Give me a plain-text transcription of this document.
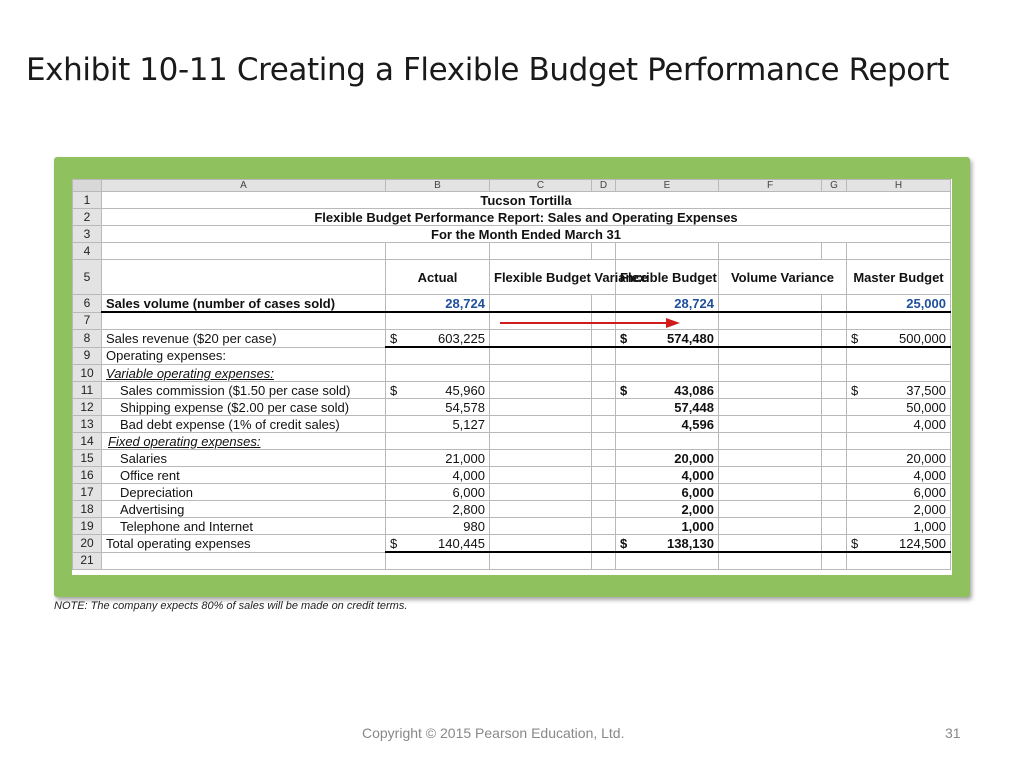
Exhibit 10-11 Creating a Flexible Budget Performance Report
	A	B	C	D	E	F	G	H
1	Tucson Tortilla							
2	Flexible Budget Performance Report: Sales and Operating Expenses							
3	For the Month Ended March 31							
4								
5		Actual	Flexible Budget Variance		Flexible Budget	Volume Variance		Master Budget
6	Sales volume (number of cases sold)	28,724			28,724			25,000
7								
8	Sales revenue ($20 per case)	$ 603,225			$ 574,480			$ 500,000

9	Operating expenses:							
10	Variable operating expenses:							
11	Sales commission ($1.50 per case sold)	$ 45,960			$ 43,086			$ 37,500

12	Shipping expense ($2.00 per case sold)	54,578			57,448			50,000
13	Bad debt expense (1% of credit sales)	5,127			4,596			4,000
14	Fixed operating expenses:							
15	Salaries	21,000			20,000			20,000
16	Office rent	4,000			4,000			4,000
17	Depreciation	6,000			6,000			6,000
18	Advertising	2,800			2,000			2,000
19	Telephone and Internet	980			1,000			1,000
20	Total operating expenses	$ 140,445			$ 138,130			$ 124,500

21								
NOTE: The company expects 80% of sales will be made on credit terms.
Copyright © 2015 Pearson Education, Ltd.	31
